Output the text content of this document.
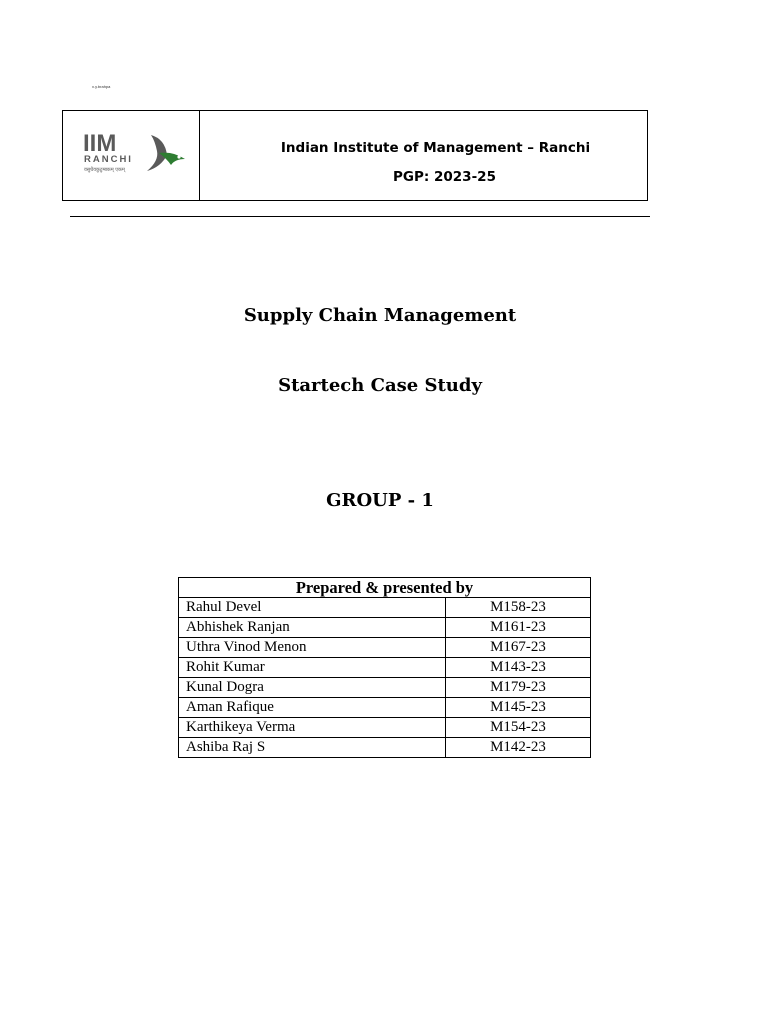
x.y.brahpa
IIM
RANCHI
वसुधैवकुटुम्बकम् एकम्
Indian Institute of Management – Ranchi
PGP: 2023-25
Supply Chain Management
Startech Case Study
GROUP - 1
Prepared & presented by	
Rahul Devel	M158-23
Abhishek Ranjan	M161-23
Uthra Vinod Menon	M167-23
Rohit Kumar	M143-23
Kunal Dogra	M179-23
Aman Rafique	M145-23
Karthikeya Verma	M154-23
Ashiba Raj S	M142-23
